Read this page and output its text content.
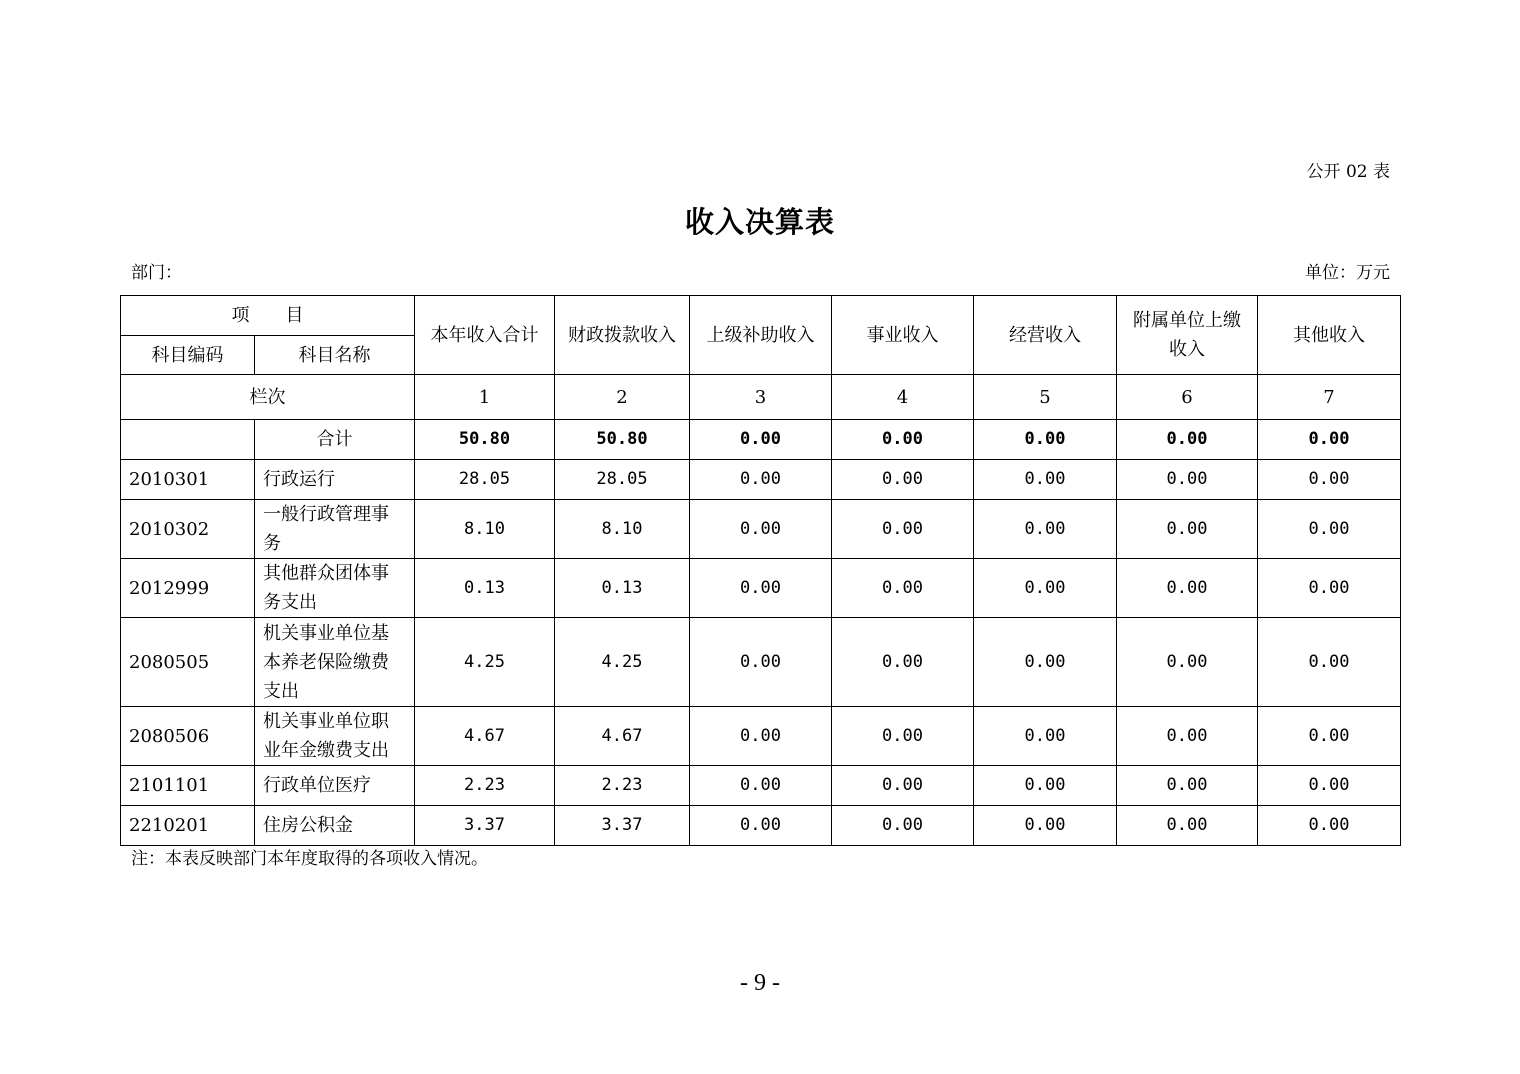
公开 02 表
收入决算表
部门：	单位：万元
项　　目		本年收入合计	财政拨款收入	上级补助收入	事业收入	经营收入	附属单位上缴收入	其他收入
科目编码	科目名称							
栏次		1	2	3	4	5	6	7
	合计	50.80	50.80	0.00	0.00	0.00	0.00	0.00
2010301	行政运行	28.05	28.05	0.00	0.00	0.00	0.00	0.00
2010302	一般行政管理事务	8.10	8.10	0.00	0.00	0.00	0.00	0.00
2012999	其他群众团体事务支出	0.13	0.13	0.00	0.00	0.00	0.00	0.00
2080505	机关事业单位基本养老保险缴费支出	4.25	4.25	0.00	0.00	0.00	0.00	0.00
2080506	机关事业单位职业年金缴费支出	4.67	4.67	0.00	0.00	0.00	0.00	0.00
2101101	行政单位医疗	2.23	2.23	0.00	0.00	0.00	0.00	0.00
2210201	住房公积金	3.37	3.37	0.00	0.00	0.00	0.00	0.00
注：本表反映部门本年度取得的各项收入情况。
- 9 -
